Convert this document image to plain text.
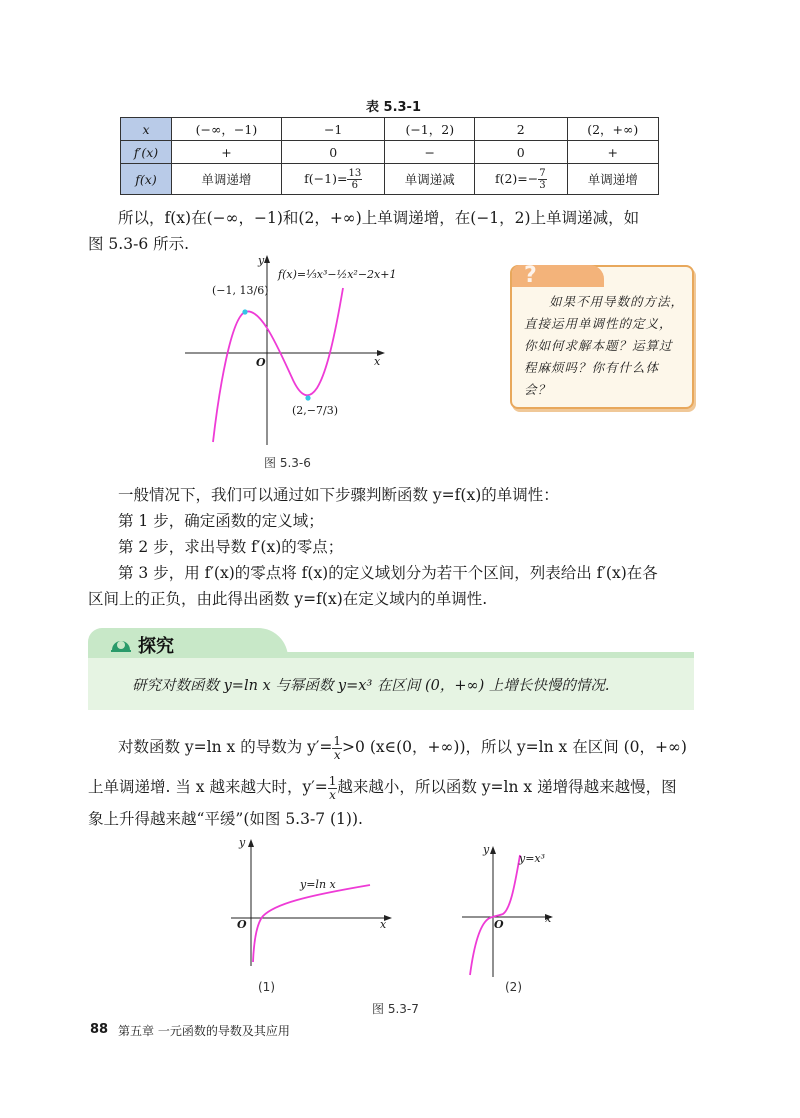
表 5.3-1
x	(−∞，−1)	−1	(−1，2)	2	(2，+∞)
f′(x)	+	0	−	0	+
f(x)	单调递增	$f(-1)= \frac{13}{6}$	单调递减	$f(2)=- \frac{7}{3}$	单调递增
所以，f(x)在(−∞，−1)和(2，+∞)上单调递增，在(−1，2)上单调递减，如
图 5.3-6 所示.
y
x
O
f(x)=⅓x³−½x²−2x+1
(−1, 13/6)
(2,−7/3)
图 5.3-6
?
如果不用导数的方法，直接运用单调性的定义，你如何求解本题？运算过程麻烦吗？你有什么体会？
一般情况下，我们可以通过如下步骤判断函数 y=f(x)的单调性：
第 1 步，确定函数的定义域；
第 2 步，求出导数 f′(x)的零点；
第 3 步，用 f′(x)的零点将 f(x)的定义域划分为若干个区间，列表给出 f′(x)在各
区间上的正负，由此得出函数 y=f(x)在定义域内的单调性.
探究
研究对数函数 y=ln x 与幂函数 y=x³ 在区间 (0，+∞) 上增长快慢的情况.
对数函数 y=ln x 的导数为 $y'= \frac{1}{x} >0$ (x∈(0，+∞))，所以 y=ln x 在区间 (0，+∞)
上单调递增. 当 x 越来越大时，$y'= \frac{1}{x}$ 越来越小，所以函数 y=ln x 递增得越来越慢，图
象上升得越来越“平缓”(如图 5.3-7 (1)).
y
x
O
y=ln x
(1)
y
x
O
y=x³
(2)
图 5.3-7
88 第五章 一元函数的导数及其应用
